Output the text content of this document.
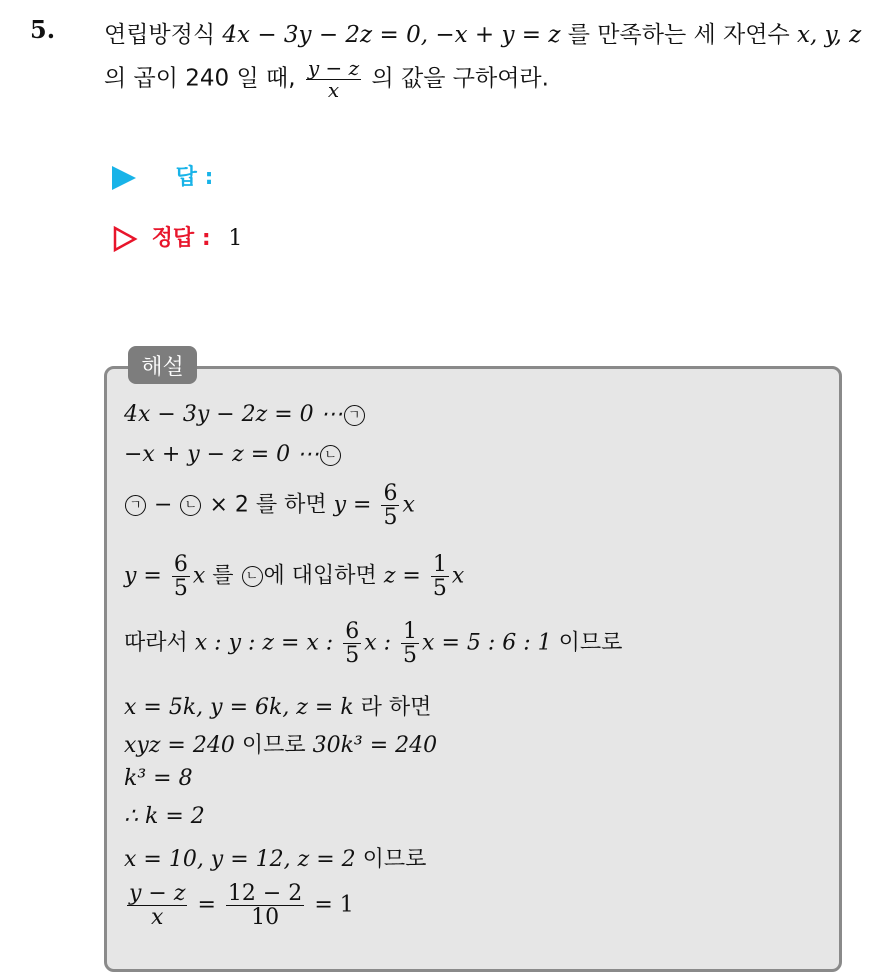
5. 연립방정식 4x − 3y − 2z = 0, −x + y = z 를 만족하는 세 자연수 x, y, z
의 곱이 240 일 때, $\frac{y - z}{x}$ 의 값을 구하여라.
답 :
정답 : 1
해설
4x − 3y − 2z = 0 ⋯ ㄱ
−x + y − z = 0 ⋯ ㄴ
ㄱ − ㄴ × 2 를 하면 $y = \frac{6}{5}$ x
$y = \frac{6}{5}$ x 를 ㄴ 에 대입하면 $z = \frac{1}{5}$ x
따라서 x : y : z = x : $\frac{6}{5}$ x : $\frac{1}{5}$ x = 5 : 6 : 1 이므로
x = 5k, y = 6k, z = k 라 하면
xyz = 240 이므로 30k³ = 240
k³ = 8
∴ k = 2
x = 10, y = 12, z = 2 이므로
$\frac{y - z}{x} = \frac{12 - 2}{10} = 1$
